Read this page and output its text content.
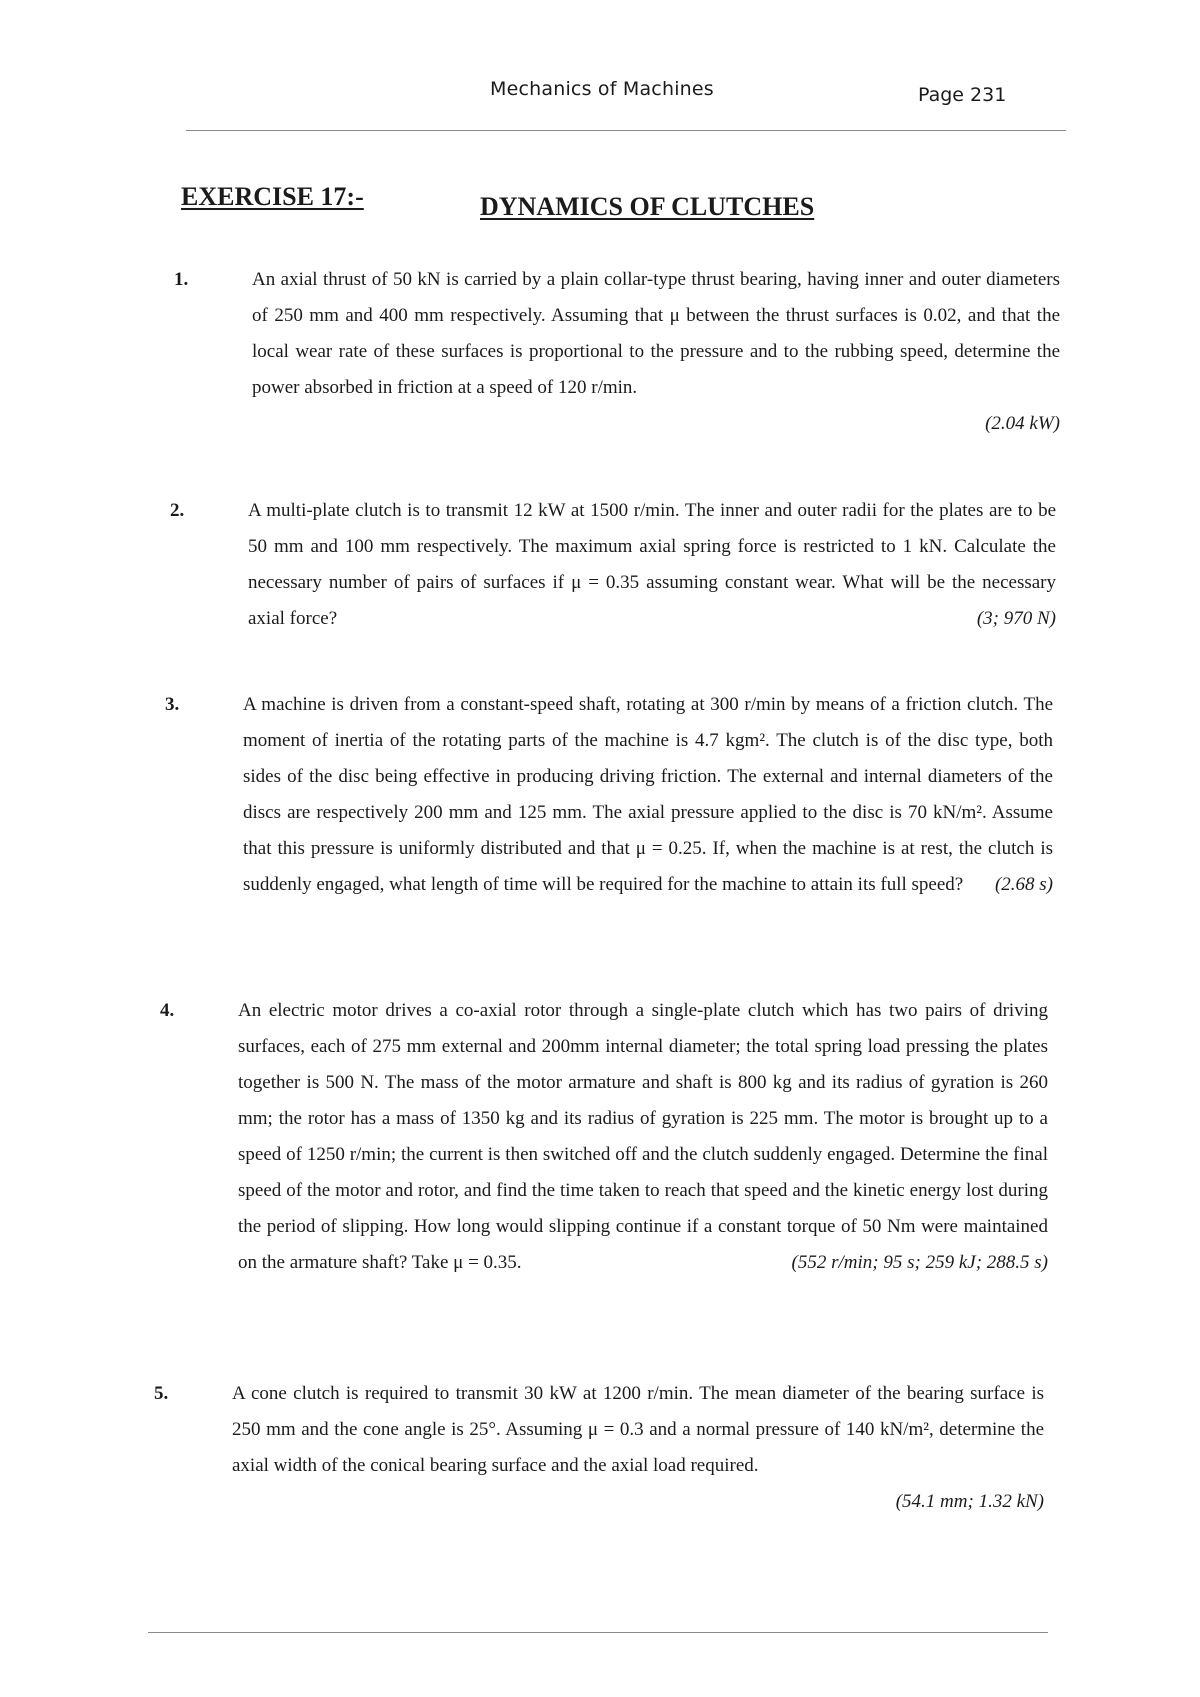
Mechanics of Machines	Page 231
EXERCISE 17:-	DYNAMICS OF CLUTCHES
1.	An axial thrust of 50 kN is carried by a plain collar-type thrust bearing, having inner and outer diameters of 250 mm and 400 mm respectively. Assuming that μ between the thrust surfaces is 0.02, and that the local wear rate of these surfaces is proportional to the pressure and to the rubbing speed, determine the power absorbed in friction at a speed of 120 r/min.
(2.04 kW)
2.	A multi-plate clutch is to transmit 12 kW at 1500 r/min. The inner and outer radii for the plates are to be 50 mm and 100 mm respectively. The maximum axial spring force is restricted to 1 kN. Calculate the necessary number of pairs of surfaces if μ = 0.35 assuming constant wear. What will be the necessary axial force?	(3; 970 N)
3.	A machine is driven from a constant-speed shaft, rotating at 300 r/min by means of a friction clutch. The moment of inertia of the rotating parts of the machine is 4.7 kgm². The clutch is of the disc type, both sides of the disc being effective in producing driving friction. The external and internal diameters of the discs are respectively 200 mm and 125 mm. The axial pressure applied to the disc is 70 kN/m². Assume that this pressure is uniformly distributed and that μ = 0.25. If, when the machine is at rest, the clutch is suddenly engaged, what length of time will be required for the machine to attain its full speed? (2.68 s)
4.	An electric motor drives a co-axial rotor through a single-plate clutch which has two pairs of driving surfaces, each of 275 mm external and 200mm internal diameter; the total spring load pressing the plates together is 500 N. The mass of the motor armature and shaft is 800 kg and its radius of gyration is 260 mm; the rotor has a mass of 1350 kg and its radius of gyration is 225 mm. The motor is brought up to a speed of 1250 r/min; the current is then switched off and the clutch suddenly engaged. Determine the final speed of the motor and rotor, and find the time taken to reach that speed and the kinetic energy lost during the period of slipping. How long would slipping continue if a constant torque of 50 Nm were maintained on the armature shaft? Take μ = 0.35.	(552 r/min; 95 s; 259 kJ; 288.5 s)
5.	A cone clutch is required to transmit 30 kW at 1200 r/min. The mean diameter of the bearing surface is 250 mm and the cone angle is 25°. Assuming μ = 0.3 and a normal pressure of 140 kN/m², determine the axial width of the conical bearing surface and the axial load required.
(54.1 mm; 1.32 kN)
